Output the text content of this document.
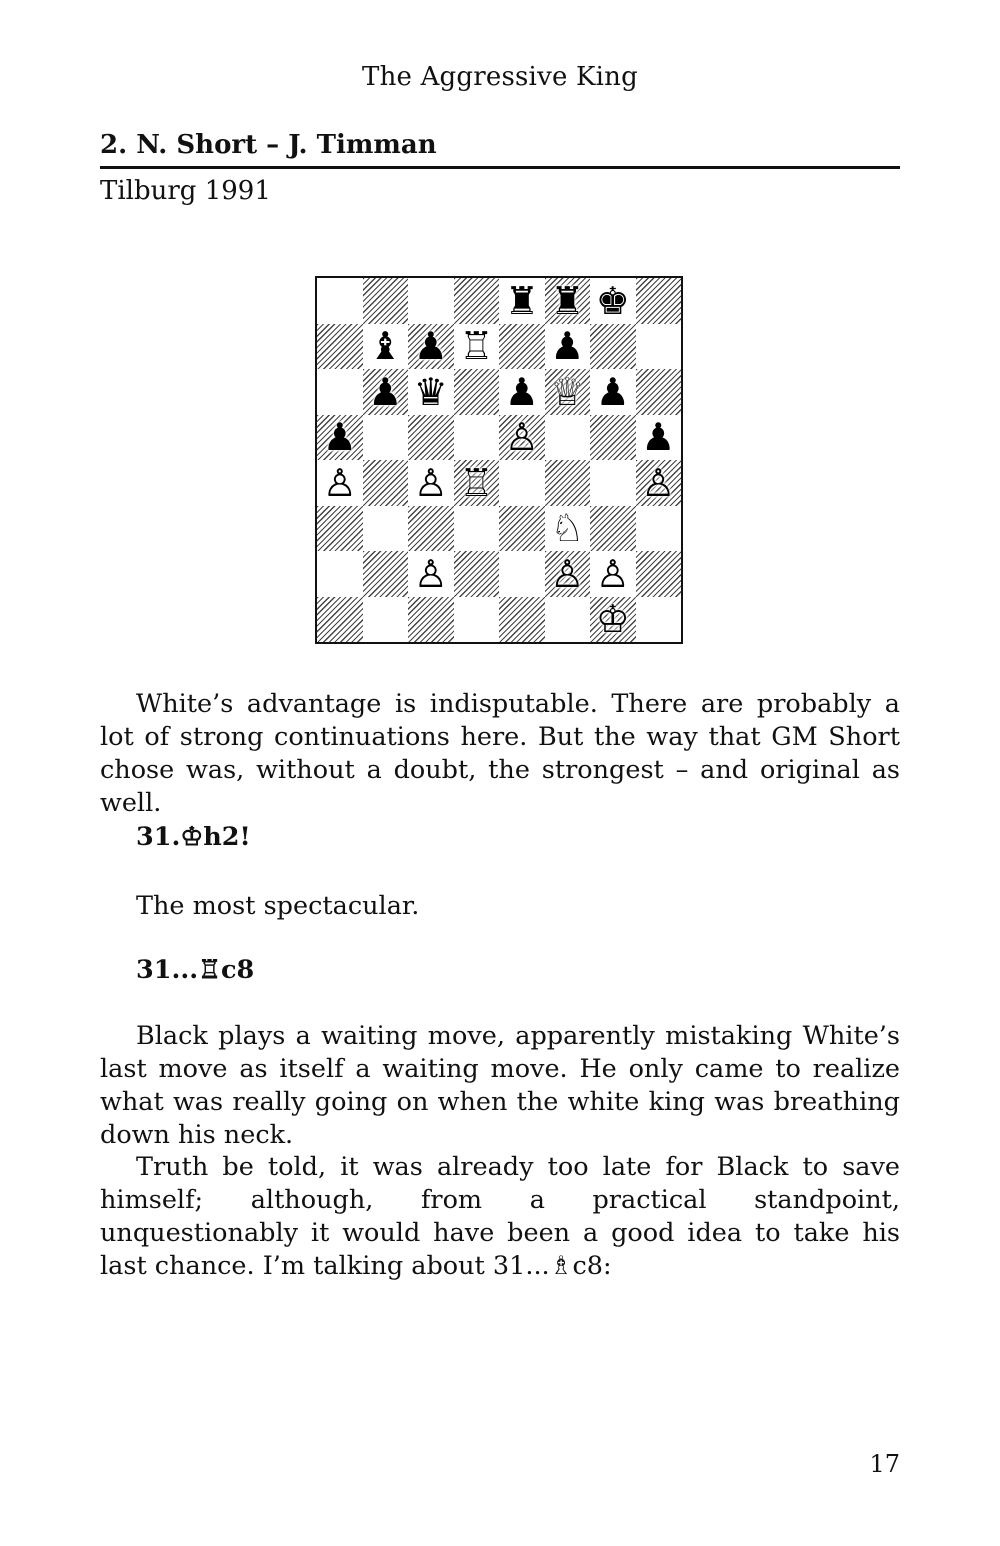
The Aggressive King
2. N. Short – J. Timman
Tilburg 1991
♜ ♜ ♚
♝ ♟ ♖ ♟
♟ ♛ ♟ ♕ ♟
♟	♙	♟
♙ ♙ ♖	♙
♘
♙	♙ ♙
♔
White’s advantage is indisputable. There are probably a lot of strong continuations here. But the way that GM Short chose was, without a doubt, the strongest – and original as well.
31.♔h2!
The most spectacular.
31...♖c8
Black plays a waiting move, apparently mistaking White’s last move as itself a waiting move. He only came to realize what was really going on when the white king was breathing down his neck.
Truth be told, it was already too late for Black to save himself; although, from a practical standpoint, unquestionably it would have been a good idea to take his last chance. I’m talking about 31...♗c8:
17
